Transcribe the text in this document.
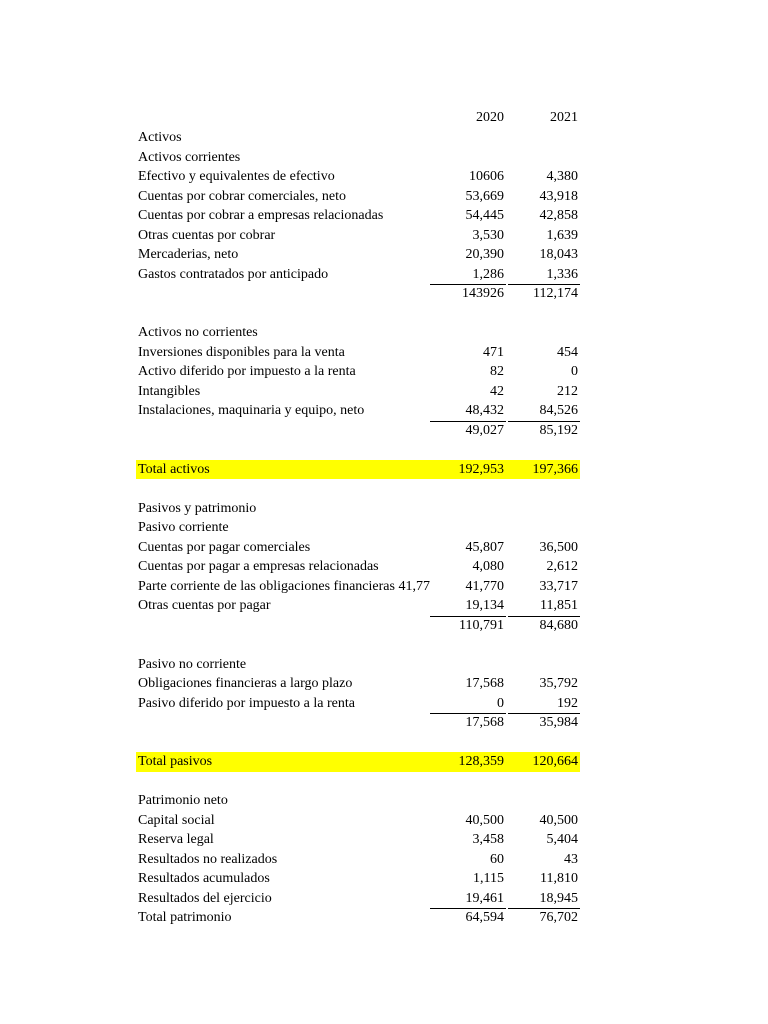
2020	2021
Activos
Activos corrientes
Efectivo y equivalentes de efectivo	10606	4,380
Cuentas por cobrar comerciales, neto	53,669	43,918
Cuentas por cobrar a empresas relacionadas	54,445	42,858
Otras cuentas por cobrar	3,530	1,639
Mercaderias, neto	20,390	18,043
Gastos contratados por anticipado	1,286	1,336
143926	112,174
Activos no corrientes
Inversiones disponibles para la venta	471	454
Activo diferido por impuesto a la renta	82	0
Intangibles	42	212
Instalaciones, maquinaria y equipo, neto	48,432	84,526
49,027	85,192
Total activos	192,953 197,366
Pasivos y patrimonio
Pasivo corriente
Cuentas por pagar comerciales	45,807	36,500
Cuentas por pagar a empresas relacionadas	4,080	2,612
Parte corriente de las obligaciones financieras 41,77	41,770	33,717
Otras cuentas por pagar	19,134	11,851
110,791	84,680
Pasivo no corriente
Obligaciones financieras a largo plazo	17,568	35,792
Pasivo diferido por impuesto a la renta	0	192
17,568	35,984
Total pasivos	128,359 120,664
Patrimonio neto
Capital social	40,500	40,500
Reserva legal	3,458	5,404
Resultados no realizados	60	43
Resultados acumulados	1,115	11,810
Resultados del ejercicio	19,461	18,945
Total patrimonio	64,594	76,702
